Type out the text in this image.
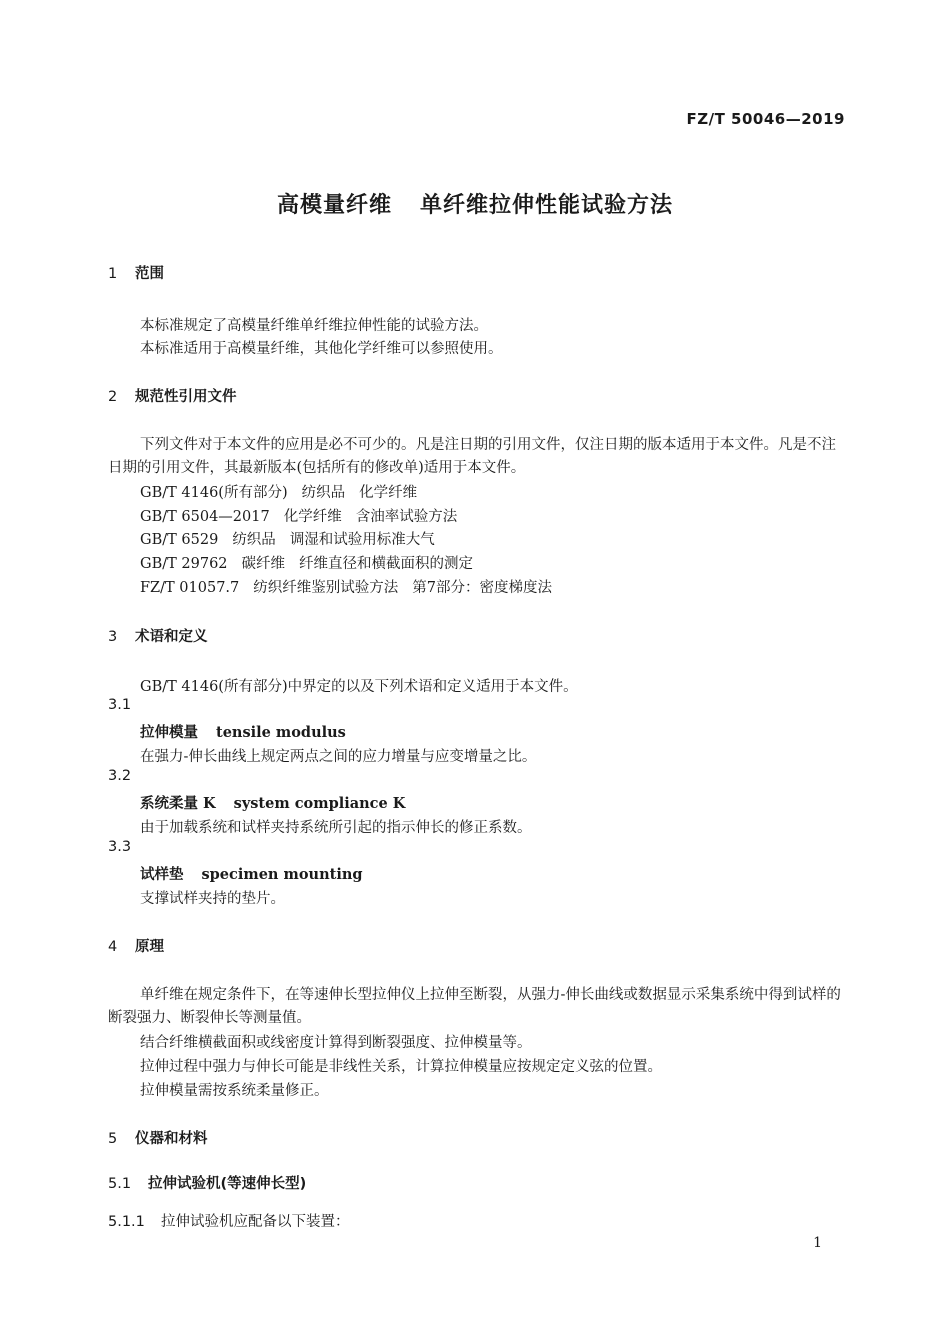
FZ/T 50046—2019
高模量纤维 单纤维拉伸性能试验方法
1 范围
本标准规定了高模量纤维单纤维拉伸性能的试验方法。
本标准适用于高模量纤维，其他化学纤维可以参照使用。
2 规范性引用文件
下列文件对于本文件的应用是必不可少的。凡是注日期的引用文件，仅注日期的版本适用于本文件。凡是不注日期的引用文件，其最新版本(包括所有的修改单)适用于本文件。
GB/T 4146(所有部分) 纺织品 化学纤维
GB/T 6504—2017 化学纤维 含油率试验方法
GB/T 6529 纺织品 调湿和试验用标准大气
GB/T 29762 碳纤维 纤维直径和横截面积的测定
FZ/T 01057.7 纺织纤维鉴别试验方法 第7部分：密度梯度法
3 术语和定义
GB/T 4146(所有部分)中界定的以及下列术语和定义适用于本文件。
3.1
拉伸模量 tensile modulus
在强力-伸长曲线上规定两点之间的应力增量与应变增量之比。
3.2
系统柔量 K system compliance K
由于加载系统和试样夹持系统所引起的指示伸长的修正系数。
3.3
试样垫 specimen mounting
支撑试样夹持的垫片。
4 原理
单纤维在规定条件下，在等速伸长型拉伸仪上拉伸至断裂，从强力-伸长曲线或数据显示采集系统中得到试样的断裂强力、断裂伸长等测量值。
结合纤维横截面积或线密度计算得到断裂强度、拉伸模量等。
拉伸过程中强力与伸长可能是非线性关系，计算拉伸模量应按规定定义弦的位置。
拉伸模量需按系统柔量修正。
5 仪器和材料
5.1 拉伸试验机(等速伸长型)
5.1.1 拉伸试验机应配备以下装置：
1
